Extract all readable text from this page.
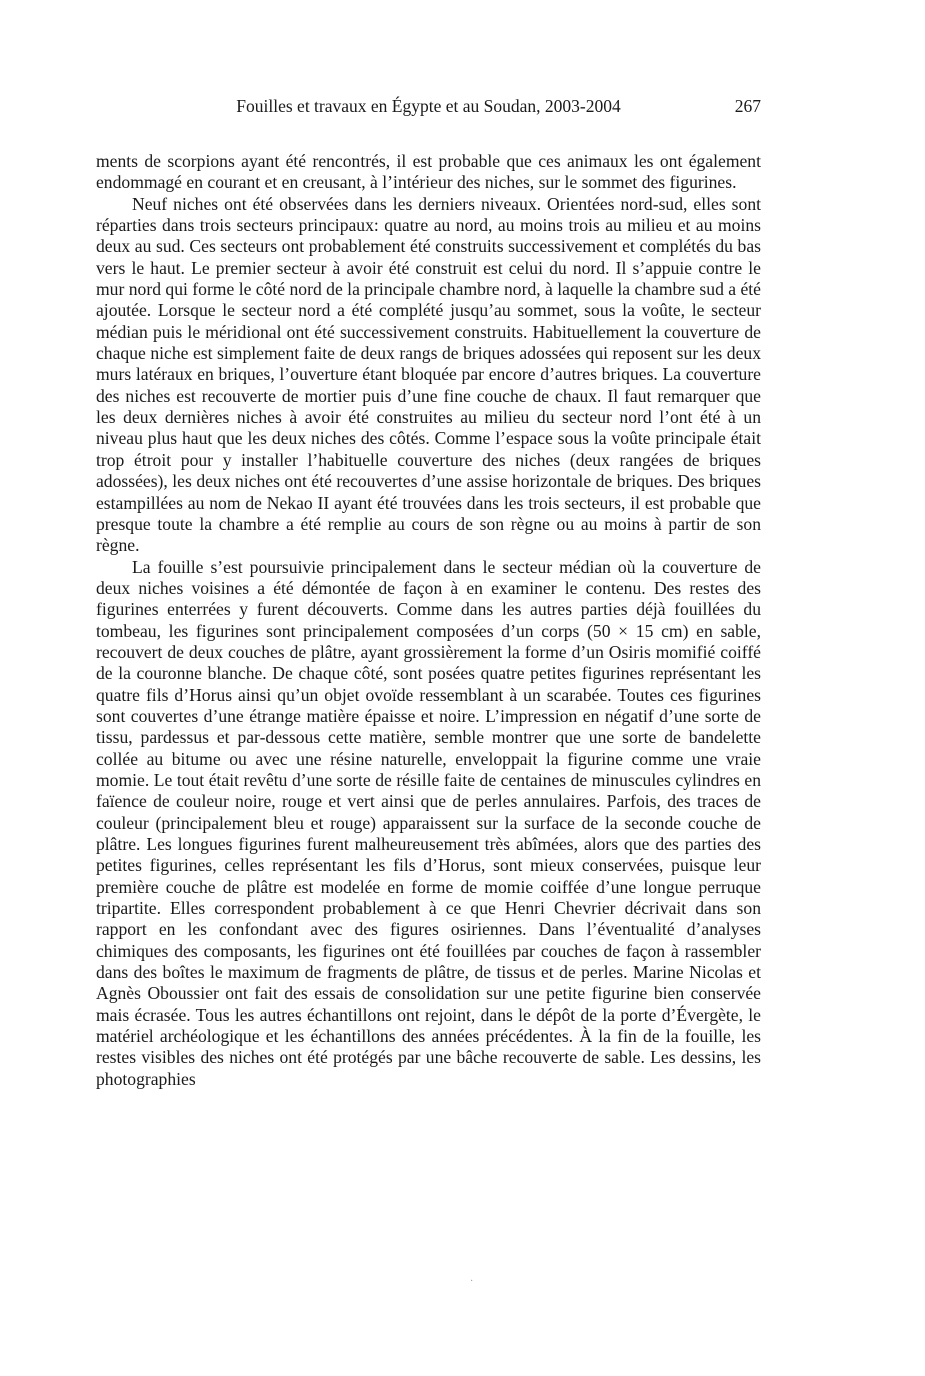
Fouilles et travaux en Égypte et au Soudan, 2003-2004	267

ments de scorpions ayant été rencontrés, il est probable que ces animaux les ont également endommagé en courant et en creusant, à l’intérieur des niches, sur le sommet des figurines.

Neuf niches ont été observées dans les derniers niveaux. Orientées nord-sud, elles sont réparties dans trois secteurs principaux: quatre au nord, au moins trois au milieu et au moins deux au sud. Ces secteurs ont probablement été construits successivement et complétés du bas vers le haut. Le premier secteur à avoir été construit est celui du nord. Il s’appuie contre le mur nord qui forme le côté nord de la principale chambre nord, à laquelle la chambre sud a été ajoutée. Lorsque le secteur nord a été complété jusqu’au sommet, sous la voûte, le secteur médian puis le méridional ont été successivement construits. Habituellement la couverture de chaque niche est simplement faite de deux rangs de briques adossées qui reposent sur les deux murs latéraux en briques, l’ouverture étant bloquée par encore d’autres briques. La couverture des niches est recouverte de mortier puis d’une fine couche de chaux. Il faut remarquer que les deux dernières niches à avoir été construites au milieu du secteur nord l’ont été à un niveau plus haut que les deux niches des côtés. Comme l’espace sous la voûte principale était trop étroit pour y installer l’habituelle couverture des niches (deux rangées de briques adossées), les deux niches ont été recouvertes d’une assise horizontale de briques. Des briques estampillées au nom de Nekao II ayant été trouvées dans les trois secteurs, il est probable que presque toute la chambre a été remplie au cours de son règne ou au moins à partir de son règne.

La fouille s’est poursuivie principalement dans le secteur médian où la couverture de deux niches voisines a été démontée de façon à en examiner le contenu. Des restes des figurines enterrées y furent découverts. Comme dans les autres parties déjà fouillées du tombeau, les figurines sont principalement composées d’un corps (50 × 15 cm) en sable, recouvert de deux couches de plâtre, ayant grossièrement la forme d’un Osiris momifié coiffé de la couronne blanche. De chaque côté, sont posées quatre petites figurines représentant les quatre fils d’Horus ainsi qu’un objet ovoïde ressemblant à un scarabée. Toutes ces figurines sont couvertes d’une étrange matière épaisse et noire. L’impression en négatif d’une sorte de tissu, pardessus et par-dessous cette matière, semble montrer que une sorte de bandelette collée au bitume ou avec une résine naturelle, enveloppait la figurine comme une vraie momie. Le tout était revêtu d’une sorte de résille faite de centaines de minuscules cylindres en faïence de couleur noire, rouge et vert ainsi que de perles annulaires. Parfois, des traces de couleur (principalement bleu et rouge) apparaissent sur la surface de la seconde couche de plâtre. Les longues figurines furent malheureusement très abîmées, alors que des parties des petites figurines, celles représentant les fils d’Horus, sont mieux conservées, puisque leur première couche de plâtre est modelée en forme de momie coiffée d’une longue perruque tripartite. Elles correspondent probablement à ce que Henri Chevrier décrivait dans son rapport en les confondant avec des figures osiriennes. Dans l’éventualité d’analyses chimiques des composants, les figurines ont été fouillées par couches de façon à rassembler dans des boîtes le maximum de fragments de plâtre, de tissus et de perles. Marine Nicolas et Agnès Oboussier ont fait des essais de consolidation sur une petite figurine bien conservée mais écrasée. Tous les autres échantillons ont rejoint, dans le dépôt de la porte d’Évergète, le matériel archéologique et les échantillons des années précédentes. À la fin de la fouille, les restes visibles des niches ont été protégés par une bâche recouverte de sable. Les dessins, les photographies

·
